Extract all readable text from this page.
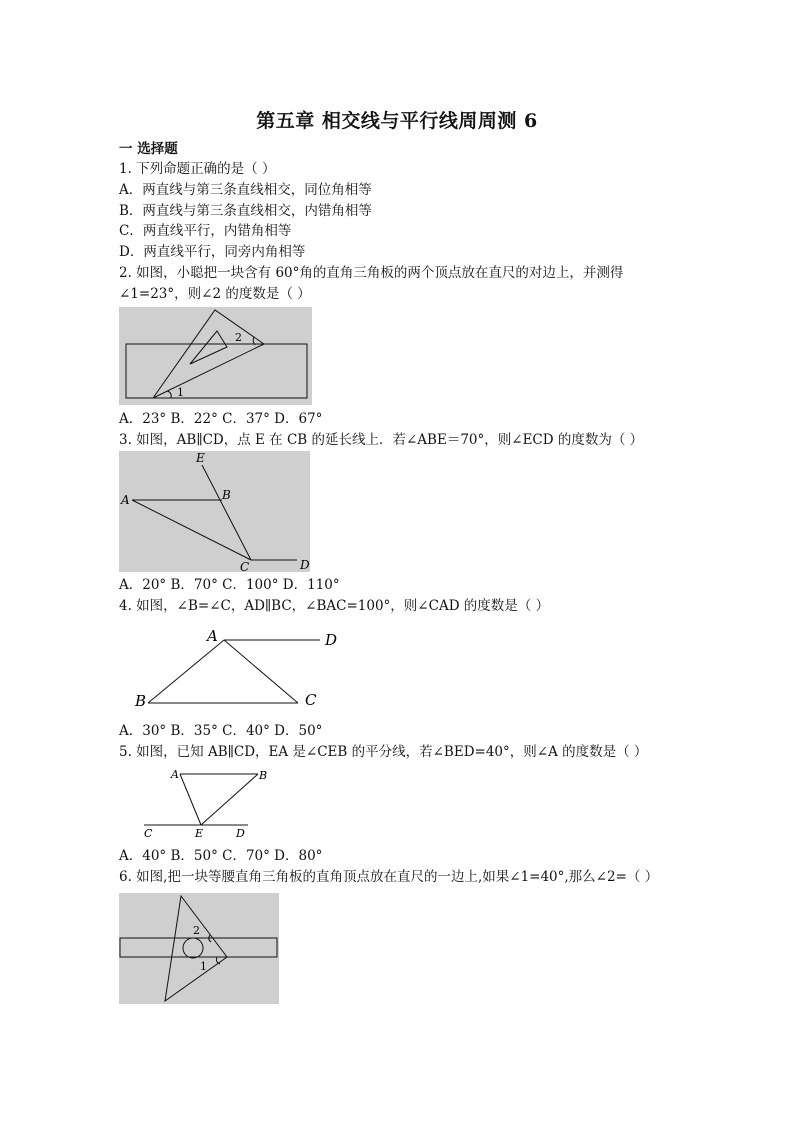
第五章 相交线与平行线周周测 6
一 选择题
1. 下列命题正确的是（ ）
A．两直线与第三条直线相交，同位角相等
B．两直线与第三条直线相交，内错角相等
C．两直线平行，内错角相等
D．两直线平行，同旁内角相等
2. 如图，小聪把一块含有 60°角的直角三角板的两个顶点放在直尺的对边上，并测得
∠1=23°，则∠2 的度数是（ ）
2
1
A．23° B．22° C．37° D．67°
3. 如图，AB∥CD，点 E 在 CB 的延长线上．若∠ABE＝70°，则∠ECD 的度数为（ ）
E
A	B
C	D
A．20° B．70° C．100° D．110°
4. 如图，∠B=∠C，AD∥BC，∠BAC=100°，则∠CAD 的度数是（ ）
A	D
B	C
A．30° B．35° C．40° D．50°
5. 如图，已知 AB∥CD，EA 是∠CEB 的平分线，若∠BED=40°，则∠A 的度数是（ ）
A	B
C	E	D
A．40° B．50° C．70° D．80°
6. 如图,把一块等腰直角三角板的直角顶点放在直尺的一边上,如果∠1=40°,那么∠2=（ ）
2
1
